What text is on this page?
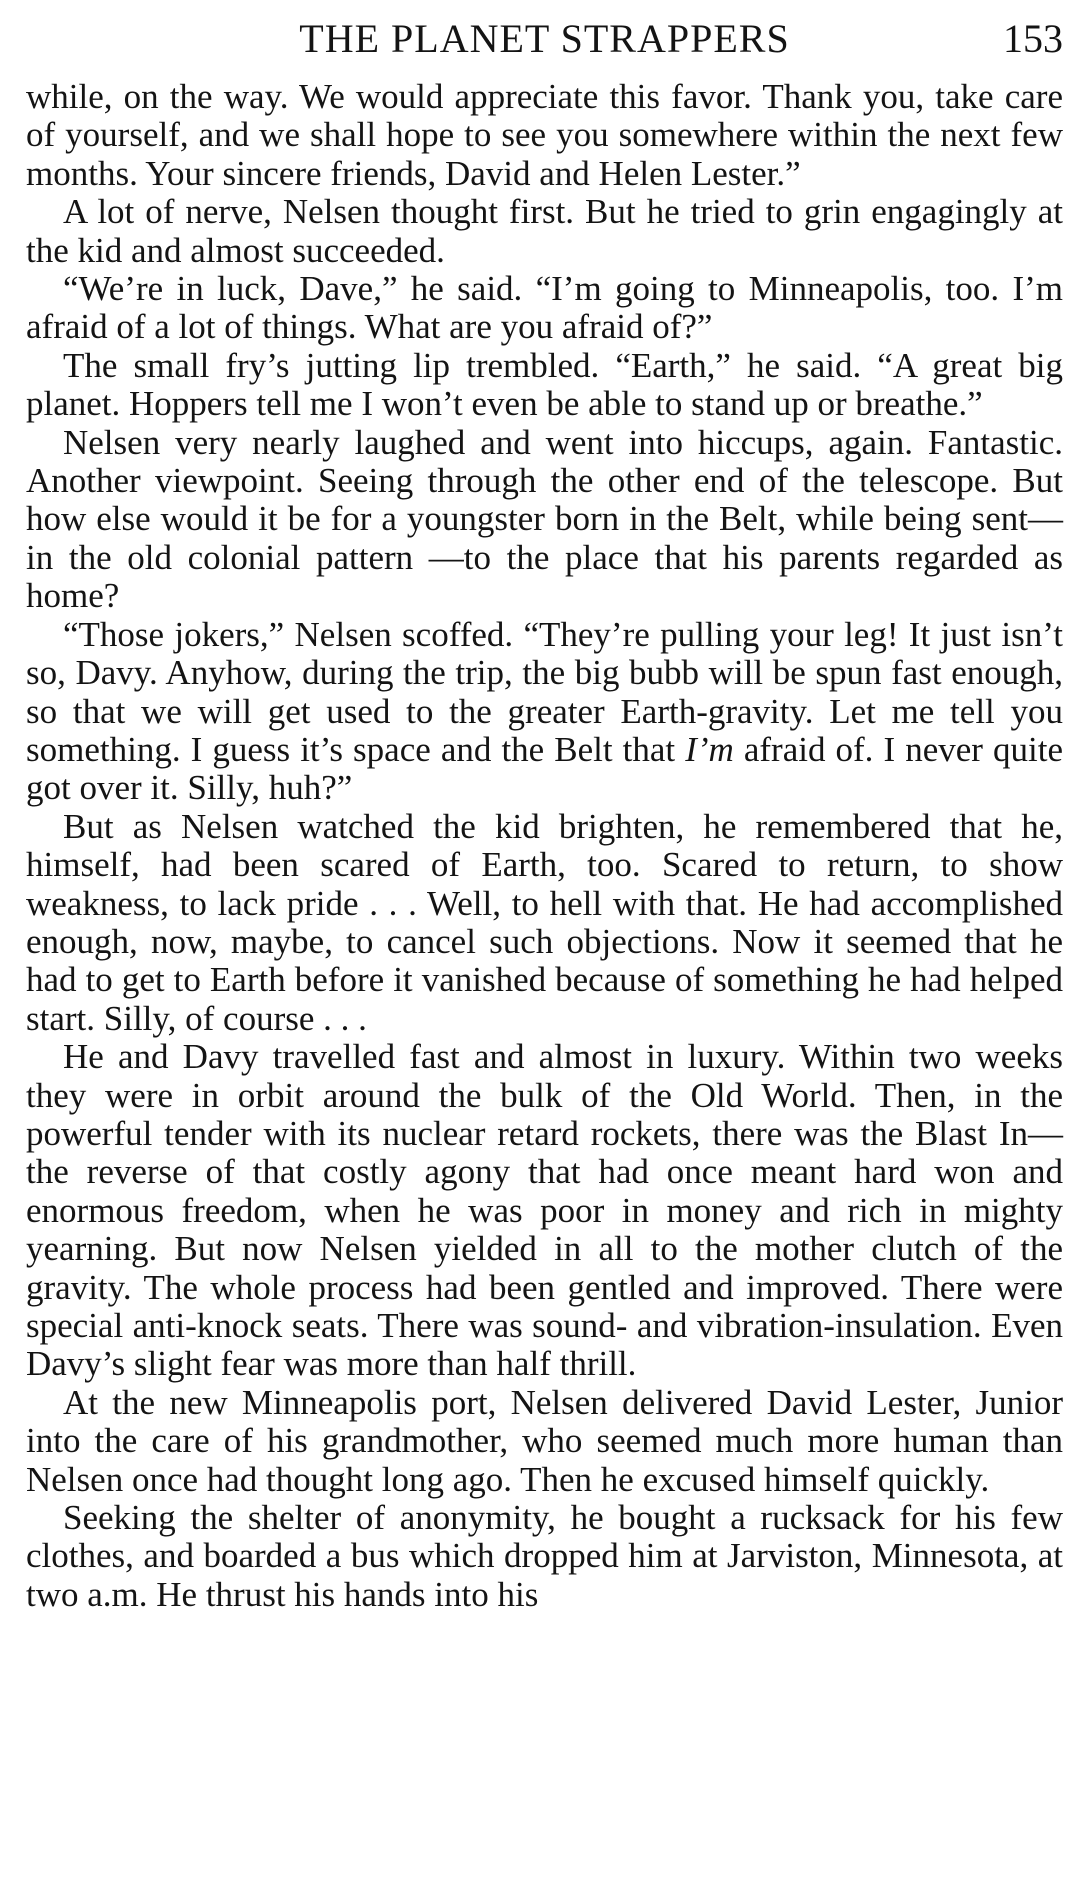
THE PLANET STRAPPERS	153

while, on the way. We would appreciate this favor. Thank you, take care of yourself, and we shall hope to see you somewhere within the next few months. Your sincere friends, David and Helen Lester.”

A lot of nerve, Nelsen thought first. But he tried to grin engagingly at the kid and almost succeeded.

“We’re in luck, Dave,” he said. “I’m going to Minneapolis, too. I’m afraid of a lot of things. What are you afraid of?”

The small fry’s jutting lip trembled. “Earth,” he said. “A great big planet. Hoppers tell me I won’t even be able to stand up or breathe.”

Nelsen very nearly laughed and went into hiccups, again. Fantastic. Another viewpoint. Seeing through the other end of the telescope. But how else would it be for a youngster born in the Belt, while being sent—in the old colonial pattern —to the place that his parents regarded as home?

“Those jokers,” Nelsen scoffed. “They’re pulling your leg! It just isn’t so, Davy. Anyhow, during the trip, the big bubb will be spun fast enough, so that we will get used to the greater Earth-gravity. Let me tell you something. I guess it’s space and the Belt that I’m afraid of. I never quite got over it. Silly, huh?”

But as Nelsen watched the kid brighten, he remembered that he, himself, had been scared of Earth, too. Scared to return, to show weakness, to lack pride . . . Well, to hell with that. He had accomplished enough, now, maybe, to cancel such objections. Now it seemed that he had to get to Earth before it vanished because of something he had helped start. Silly, of course . . .

He and Davy travelled fast and almost in luxury. Within two weeks they were in orbit around the bulk of the Old World. Then, in the powerful tender with its nuclear retard rockets, there was the Blast In—the reverse of that costly agony that had once meant hard won and enormous freedom, when he was poor in money and rich in mighty yearning. But now Nelsen yielded in all to the mother clutch of the gravity. The whole process had been gentled and improved. There were special anti-knock seats. There was sound- and vibration-insulation. Even Davy’s slight fear was more than half thrill.

At the new Minneapolis port, Nelsen delivered David Lester, Junior into the care of his grandmother, who seemed much more human than Nelsen once had thought long ago. Then he excused himself quickly.

Seeking the shelter of anonymity, he bought a rucksack for his few clothes, and boarded a bus which dropped him at Jarviston, Minnesota, at two a.m. He thrust his hands into his
